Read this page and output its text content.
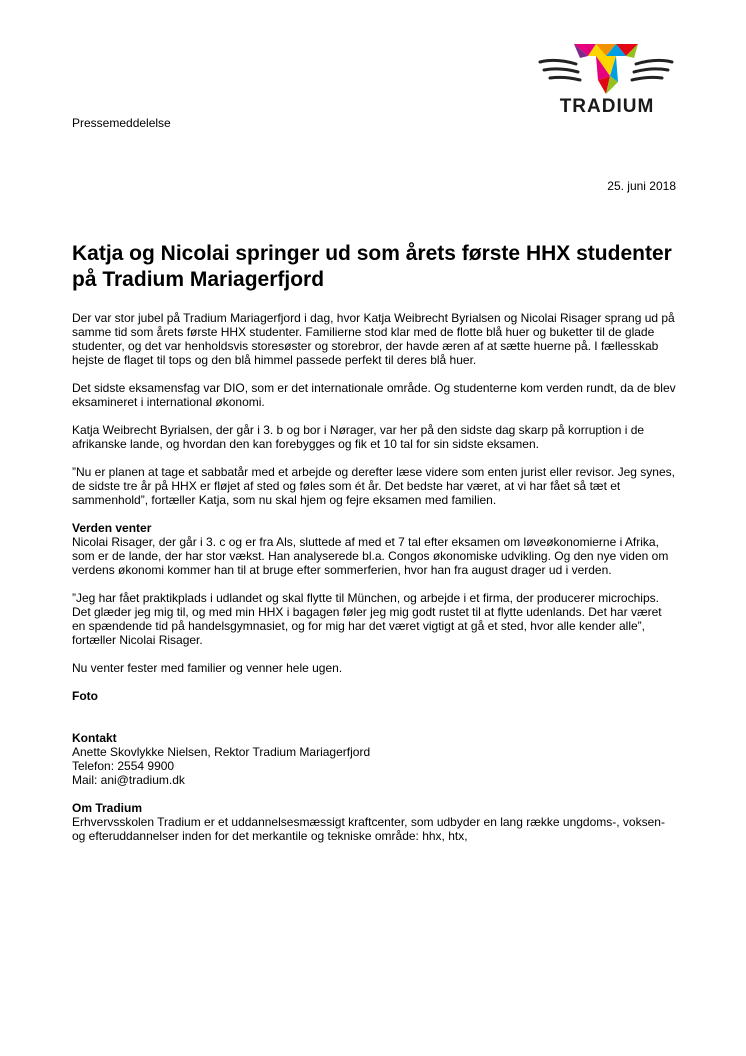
TRADIUM
Pressemeddelelse
25. juni 2018
Katja og Nicolai springer ud som årets første HHX studenter på Tradium Mariagerfjord

Der var stor jubel på Tradium Mariagerfjord i dag, hvor Katja Weibrecht Byrialsen og Nicolai Risager sprang ud på samme tid som årets første HHX studenter. Familierne stod klar med de flotte blå huer og buketter til de glade studenter, og det var henholdsvis storesøster og storebror, der havde æren af at sætte huerne på. I fællesskab hejste de flaget til tops og den blå himmel passede perfekt til deres blå huer.

Det sidste eksamensfag var DIO, som er det internationale område. Og studenterne kom verden rundt, da de blev eksamineret i international økonomi.

Katja Weibrecht Byrialsen, der går i 3. b og bor i Nørager, var her på den sidste dag skarp på korruption i de afrikanske lande, og hvordan den kan forebygges og fik et 10 tal for sin sidste eksamen.

”Nu er planen at tage et sabbatår med et arbejde og derefter læse videre som enten jurist eller revisor. Jeg synes, de sidste tre år på HHX er fløjet af sted og føles som ét år. Det bedste har været, at vi har fået så tæt et sammenhold”, fortæller Katja, som nu skal hjem og fejre eksamen med familien.

Verden venter
Nicolai Risager, der går i 3. c og er fra Als, sluttede af med et 7 tal efter eksamen om løveøkonomierne i Afrika, som er de lande, der har stor vækst. Han analyserede bl.a. Congos økonomiske udvikling. Og den nye viden om verdens økonomi kommer han til at bruge efter sommerferien, hvor han fra august drager ud i verden.

”Jeg har fået praktikplads i udlandet og skal flytte til München, og arbejde i et firma, der producerer microchips. Det glæder jeg mig til, og med min HHX i bagagen føler jeg mig godt rustet til at flytte udenlands. Det har været en spændende tid på handelsgymnasiet, og for mig har det været vigtigt at gå et sted, hvor alle kender alle”, fortæller Nicolai Risager.

Nu venter fester med familier og venner hele ugen.

Foto

Kontakt
Anette Skovlykke Nielsen, Rektor Tradium Mariagerfjord
Telefon: 2554 9900
Mail: ani@tradium.dk

Om Tradium
Erhvervsskolen Tradium er et uddannelsesmæssigt kraftcenter, som udbyder en lang række ungdoms-, voksen- og efteruddannelser inden for det merkantile og tekniske område: hhx, htx,
